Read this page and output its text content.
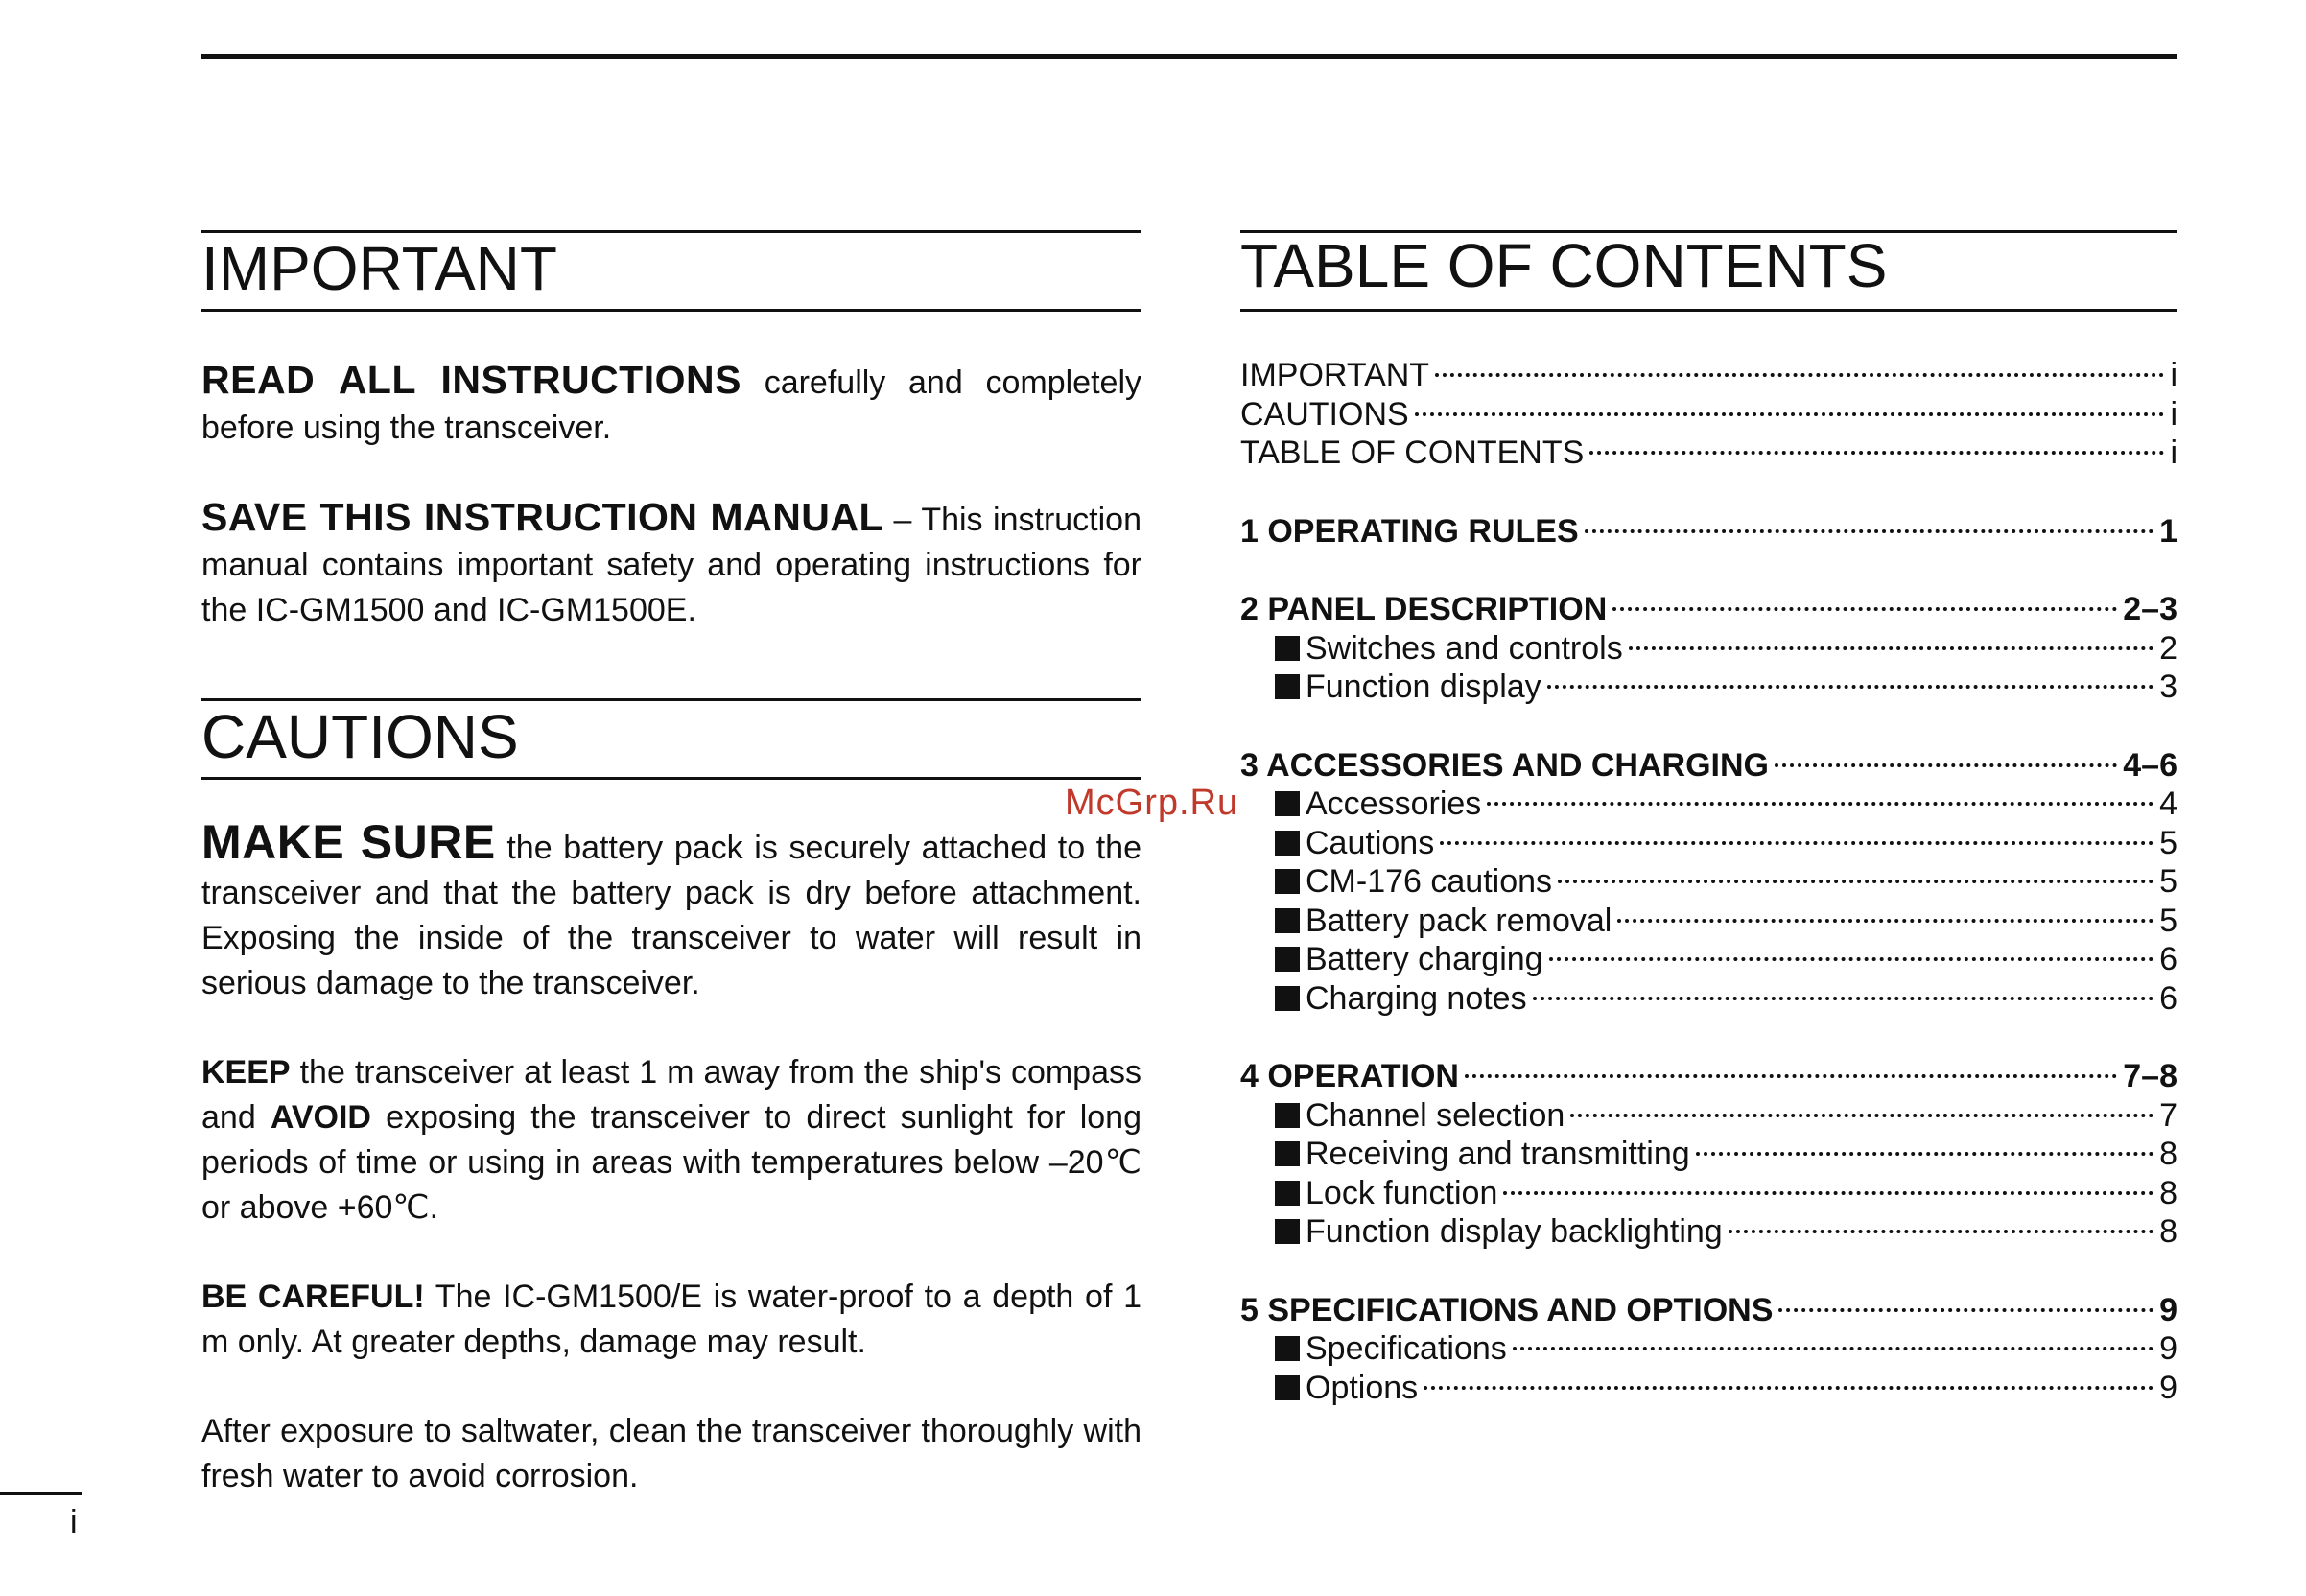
IMPORTANT

READ ALL INSTRUCTIONS carefully and completely before using the transceiver.

SAVE THIS INSTRUCTION MANUAL – This instruction manual contains important safety and operating instructions for the IC-GM1500 and IC-GM1500E.

CAUTIONS

MAKE SURE the battery pack is securely attached to the transceiver and that the battery pack is dry before attachment. Exposing the inside of the transceiver to water will result in serious damage to the transceiver.

KEEP the transceiver at least 1 m away from the ship's compass and AVOID exposing the transceiver to direct sunlight for long periods of time or using in areas with temperatures below –20℃ or above +60℃.

BE CAREFUL! The IC-GM1500/E is water-proof to a depth of 1 m only. At greater depths, damage may result.

After exposure to saltwater, clean the transceiver thoroughly with fresh water to avoid corrosion.

TABLE OF CONTENTS
IMPORTANT	i
CAUTIONS	i
TABLE OF CONTENTS	i
1 OPERATING RULES	1
2 PANEL DESCRIPTION	2–3
Switches and controls	2
Function display	3
3 ACCESSORIES AND CHARGING	4–6
Accessories	4
Cautions	5
CM-176 cautions	5
Battery pack removal	5
Battery charging	6
Charging notes	6
4 OPERATION	7–8
Channel selection	7
Receiving and transmitting	8
Lock function	8
Function display backlighting	8
5 SPECIFICATIONS AND OPTIONS	9
Specifications	9
Options	9
McGrp.Ru
i
